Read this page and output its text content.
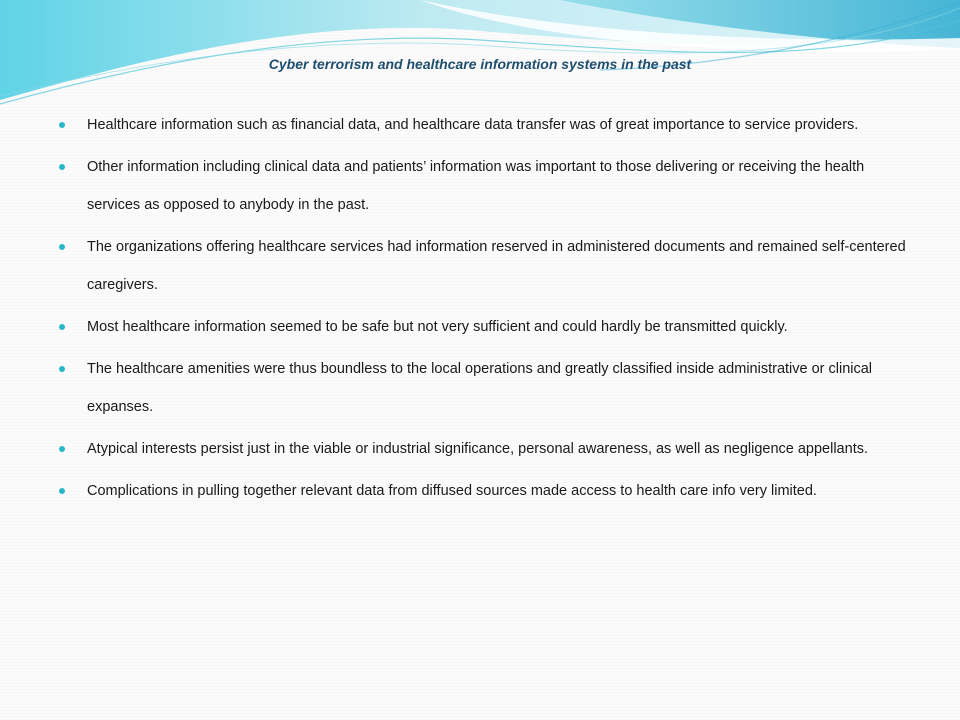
Cyber terrorism and healthcare information systems in the past
Healthcare information such as financial data, and healthcare data transfer was of great importance to service providers.
Other information including clinical data and patients’ information was important to those delivering or receiving the health services as opposed to anybody in the past.
The organizations offering healthcare services had information reserved in administered documents and remained self-centered caregivers.
Most healthcare information seemed to be safe but not very sufficient and could hardly be transmitted quickly.
The healthcare amenities were thus boundless to the local operations and greatly classified inside administrative or clinical expanses.
Atypical interests persist just in the viable or industrial significance, personal awareness, as well as negligence appellants.
Complications in pulling together relevant data from diffused sources made access to health care info very limited.
